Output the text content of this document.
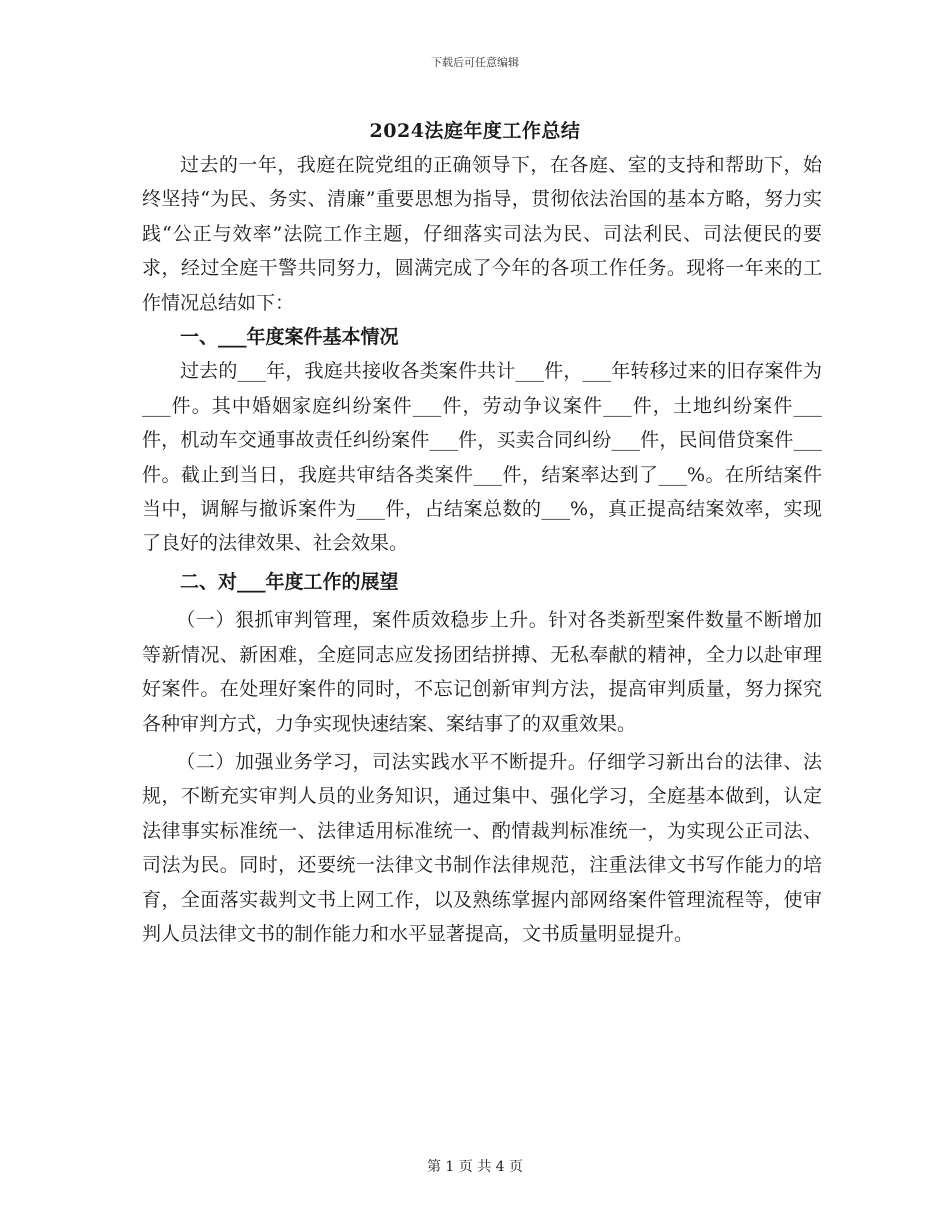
下载后可任意编辑
2024法庭年度工作总结

过去的一年，我庭在院党组的正确领导下，在各庭、室的支持和帮助下，始终坚持“为民、务实、清廉”重要思想为指导，贯彻依法治国的基本方略，努力实践“公正与效率”法院工作主题，仔细落实司法为民、司法利民、司法便民的要求，经过全庭干警共同努力，圆满完成了今年的各项工作任务。现将一年来的工作情况总结如下：

一、___年度案件基本情况

过去的___年，我庭共接收各类案件共计___件，___年转移过来的旧存案件为___件。其中婚姻家庭纠纷案件___件，劳动争议案件___件，土地纠纷案件___件，机动车交通事故责任纠纷案件___件，买卖合同纠纷___件，民间借贷案件___件。截止到当日，我庭共审结各类案件___件，结案率达到了___%。在所结案件当中，调解与撤诉案件为___件，占结案总数的___%，真正提高结案效率，实现了良好的法律效果、社会效果。

二、对___年度工作的展望

（一）狠抓审判管理，案件质效稳步上升。针对各类新型案件数量不断增加等新情况、新困难，全庭同志应发扬团结拼搏、无私奉献的精神，全力以赴审理好案件。在处理好案件的同时，不忘记创新审判方法，提高审判质量，努力探究各种审判方式，力争实现快速结案、案结事了的双重效果。

（二）加强业务学习，司法实践水平不断提升。仔细学习新出台的法律、法规，不断充实审判人员的业务知识，通过集中、强化学习，全庭基本做到，认定法律事实标准统一、法律适用标准统一、酌情裁判标准统一，为实现公正司法、司法为民。同时，还要统一法律文书制作法律规范，注重法律文书写作能力的培育，全面落实裁判文书上网工作，以及熟练掌握内部网络案件管理流程等，使审判人员法律文书的制作能力和水平显著提高，文书质量明显提升。

第 1 页 共 4 页
